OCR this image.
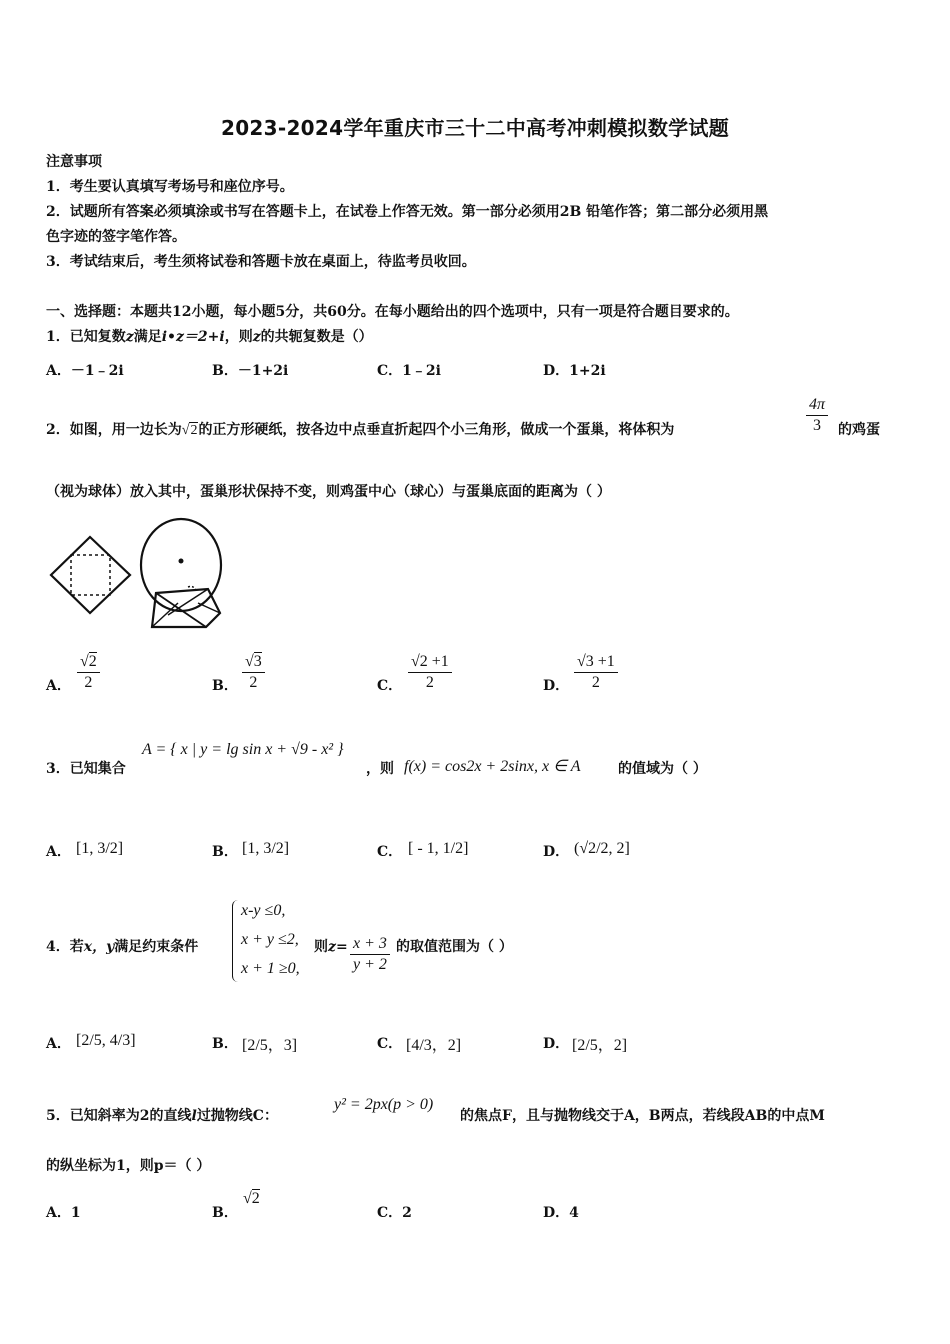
2023-2024学年重庆市三十二中高考冲刺模拟数学试题
注意事项
1．考生要认真填写考场号和座位序号。
2．试题所有答案必须填涂或书写在答题卡上，在试卷上作答无效。第一部分必须用2B 铅笔作答；第二部分必须用黑
色字迹的签字笔作答。
3．考试结束后，考生须将试卷和答题卡放在桌面上，待监考员收回。
一、选择题：本题共12小题，每小题5分，共60分。在每小题给出的四个选项中，只有一项是符合题目要求的。
1．已知复数z满足i•z＝2+i，则z的共轭复数是（）
A．－1﹣2i	B．－1+2i	C．1﹣2i	D．1+2i
2．如图，用一边长为√2的正方形硬纸，按各边中点垂直折起四个小三角形，做成一个蛋巢，将体积为	$\frac{4\pi}{3}$ 的鸡蛋
（视为球体）放入其中，蛋巢形状保持不变，则鸡蛋中心（球心）与蛋巢底面的距离为（ ）
A． $\frac{√2}{2}$	B． $\frac{√3}{2}$	C． $\frac{√2 +1}{2}$	D． $\frac{√3 +1}{2}$
3．已知集合
A = { x | y = lg sin x + √9 - x² }
，则 f(x) = cos2x + 2sinx, x ∈ A	的值域为（ ）
A． [1, 3/2]	B． [1, 3/2]	C． [ - 1, 1/2]	D． (√2/2, 2]
4．若x，y满足约束条件
x-y ≤0,
x + y ≤2,
x + 1 ≥0,
则$z= \frac{x + 3}{y + 2}$ 的取值范围为（ ）
A． [2/5, 4/3]	B． [2/5，3]	C． [4/3，2]	D． [2/5，2]
5．已知斜率为2的直线l过抛物线C：
y² = 2px(p > 0)
的焦点F，且与抛物线交于A，B两点，若线段AB的中点M
的纵坐标为1，则p＝（ ）
A．1	B．
√2
C．2	D．4
